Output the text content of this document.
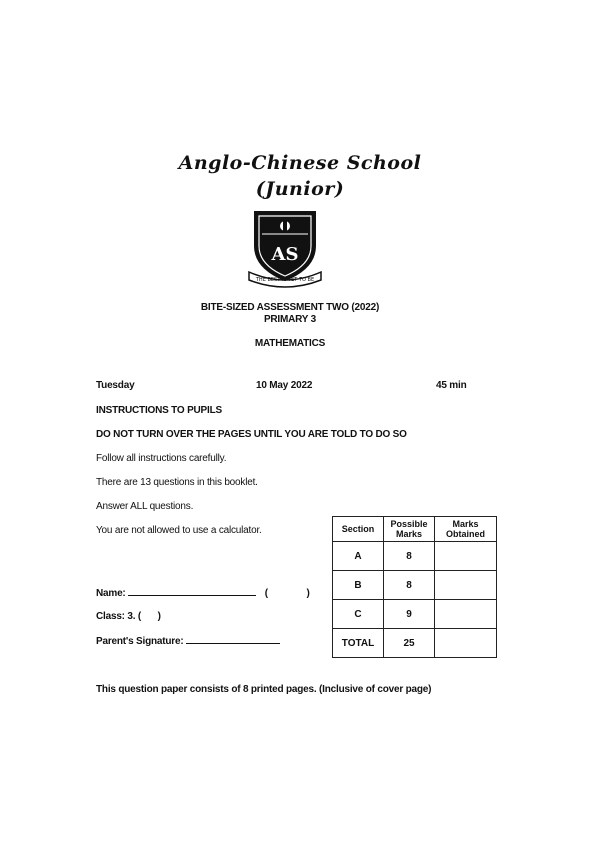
Anglo-Chinese School
(Junior)
AS
THE BEST IS YET TO BE
BITE-SIZED ASSESSMENT TWO (2022)
PRIMARY 3
MATHEMATICS
Tuesday	10 May 2022	45 min
INSTRUCTIONS TO PUPILS
DO NOT TURN OVER THE PAGES UNTIL YOU ARE TOLD TO DO SO
Follow all instructions carefully.
There are 13 questions in this booklet.
Answer ALL questions.
You are not allowed to use a calculator.
Name:	(	)
Class: 3. ( )
Parent's Signature:
Section	Possible Marks	Marks Obtained
A	8	
B	8	
C	9	
TOTAL	25	
This question paper consists of 8 printed pages. (Inclusive of cover page)
